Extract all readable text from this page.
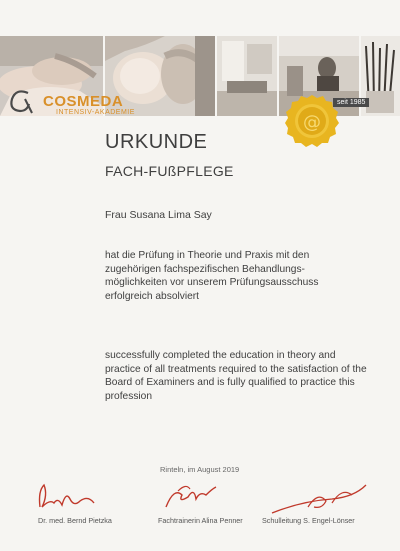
COSMEDA
INTENSIV-AKADEMIE	@
seit 1985
URKUNDE
FACH-FUßPFLEGE
Frau Susana Lima Say
hat die Prüfung in Theorie und Praxis mit den zugehörigen fachspezifischen Behandlungs-möglichkeiten vor unserem Prüfungsausschuss erfolgreich absolviert
successfully completed the education in theory and practice of all treatments required to the satisfaction of the Board of Examiners and is fully qualified to practice this profession
Rinteln, im August 2019
Dr. med. Bernd Pietzka	Fachtrainerin Alina Penner	Schulleitung S. Engel-Lönser
